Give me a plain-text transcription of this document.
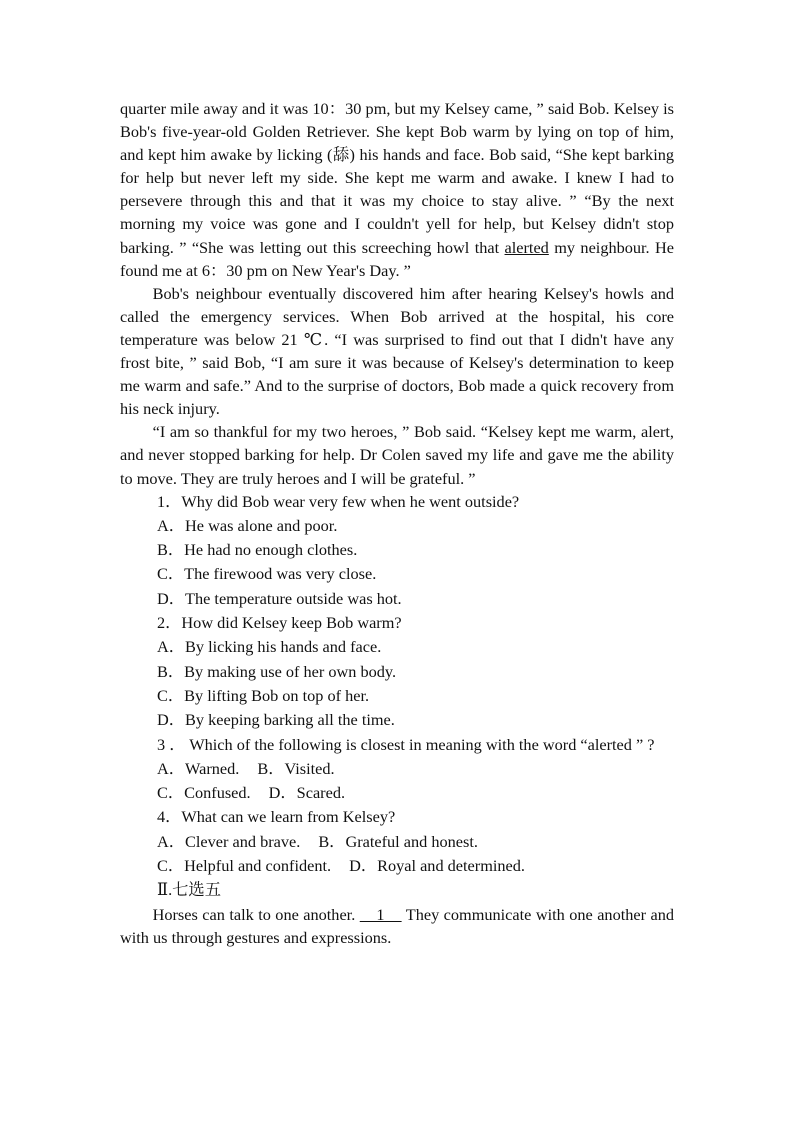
quarter mile away and it was 10：30 pm, but my Kelsey came, ” said Bob. Kelsey is Bob's five-year-old Golden Retriever. She kept Bob warm by lying on top of him, and kept him awake by licking (舔) his hands and face. Bob said, “She kept barking for help but never left my side. She kept me warm and awake. I knew I had to persevere through this and that it was my choice to stay alive. ” “By the next morning my voice was gone and I couldn't yell for help, but Kelsey didn't stop barking. ” “She was letting out this screeching howl that alerted my neighbour. He found me at 6：30 pm on New Year's Day. ”

Bob's neighbour eventually discovered him after hearing Kelsey's howls and called the emergency services. When Bob arrived at the hospital, his core temperature was below 21 ℃. “I was surprised to find out that I didn't have any frost bite, ” said Bob, “I am sure it was because of Kelsey's determination to keep me warm and safe.” And to the surprise of doctors, Bob made a quick recovery from his neck injury.

“I am so thankful for my two heroes, ” Bob said. “Kelsey kept me warm, alert, and never stopped barking for help. Dr Colen saved my life and gave me the ability to move. They are truly heroes and I will be grateful. ”

1．Why did Bob wear very few when he went outside?

A．He was alone and poor.

B．He had no enough clothes.

C．The firewood was very close.

D．The temperature outside was hot.

2．How did Kelsey keep Bob warm?

A．By licking his hands and face.

B．By making use of her own body.

C．By lifting Bob on top of her.

D．By keeping barking all the time.

3 ． Which of the following is closest in meaning with the word “alerted ” ?

A．Warned. B．Visited.

C．Confused. D．Scared.

4．What can we learn from Kelsey?

A．Clever and brave. B．Grateful and honest.

C．Helpful and confident. D．Royal and determined.

Ⅱ.七选五

Horses can talk to one another. 　1　 They communicate with one another and with us through gestures and expressions.
